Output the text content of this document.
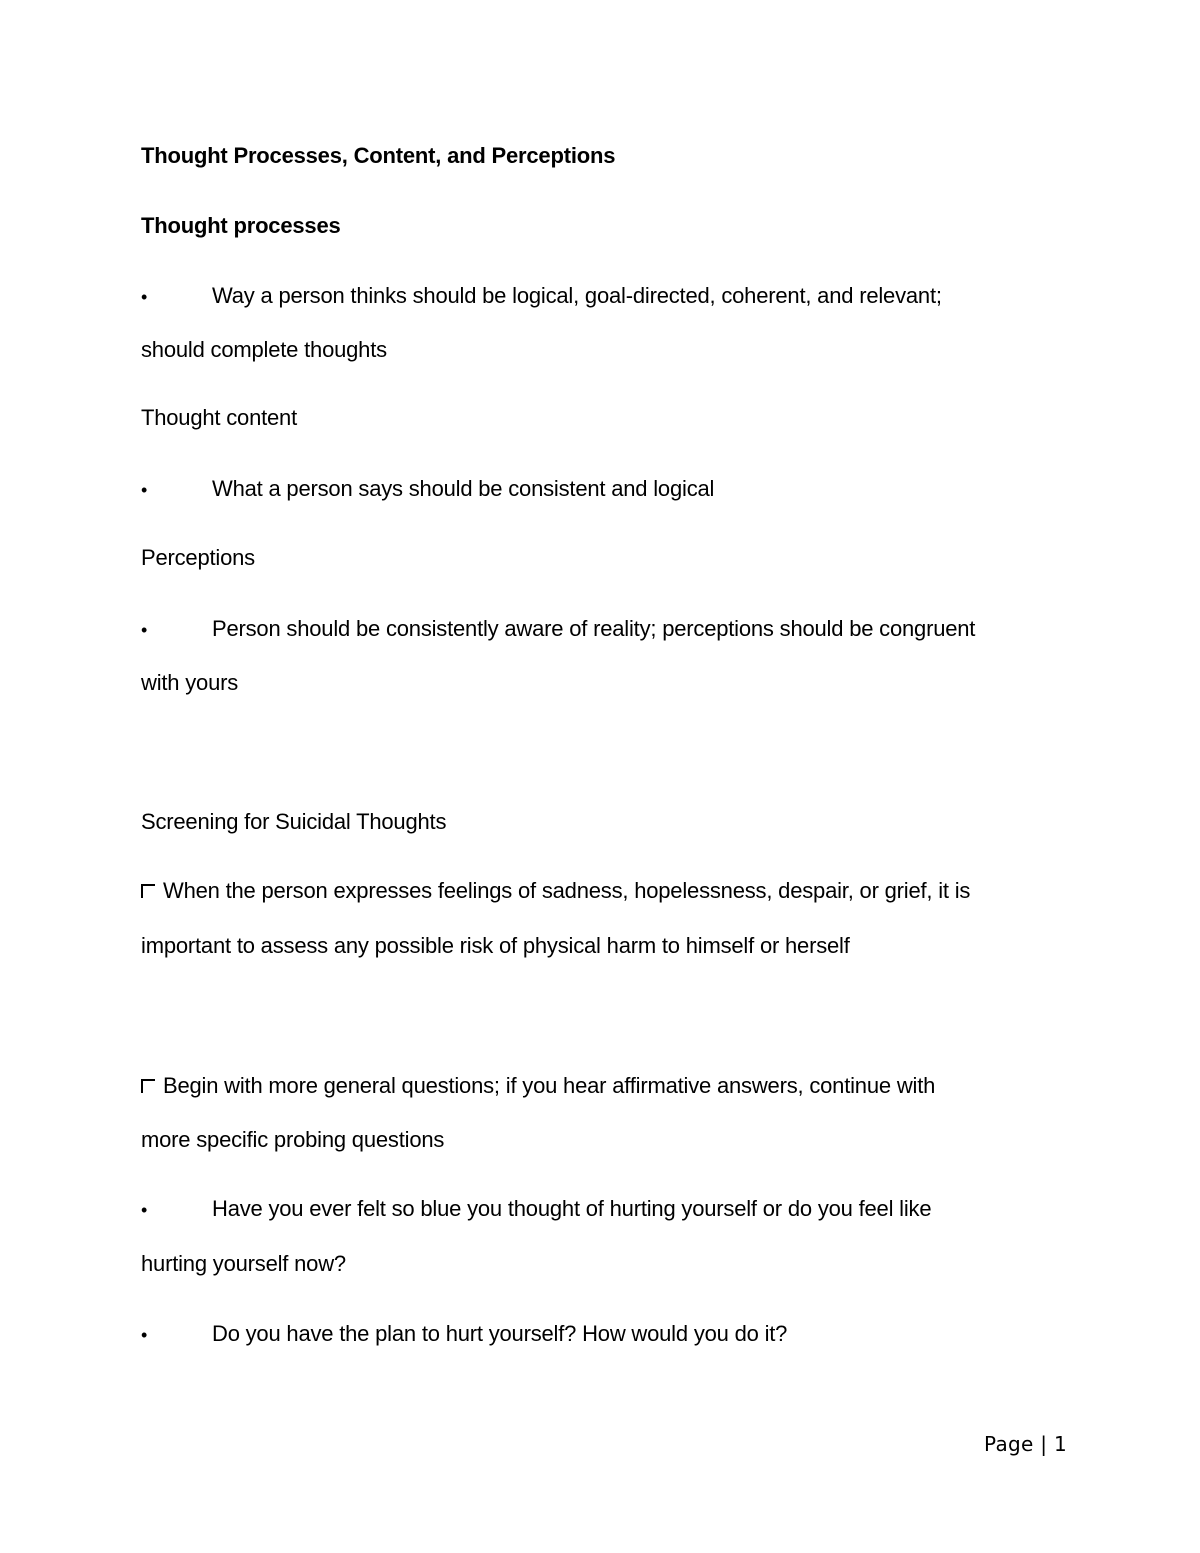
Thought Processes, Content, and Perceptions
Thought processes
•	Way a person thinks should be logical, goal-directed, coherent, and relevant;
should complete thoughts
Thought content
•	What a person says should be consistent and logical
Perceptions
•	Person should be consistently aware of reality; perceptions should be congruent
with yours
Screening for Suicidal Thoughts
When the person expresses feelings of sadness, hopelessness, despair, or grief, it is
important to assess any possible risk of physical harm to himself or herself
Begin with more general questions; if you hear affirmative answers, continue with
more specific probing questions
•	Have you ever felt so blue you thought of hurting yourself or do you feel like
hurting yourself now?
•	Do you have the plan to hurt yourself? How would you do it?
Page | 1
